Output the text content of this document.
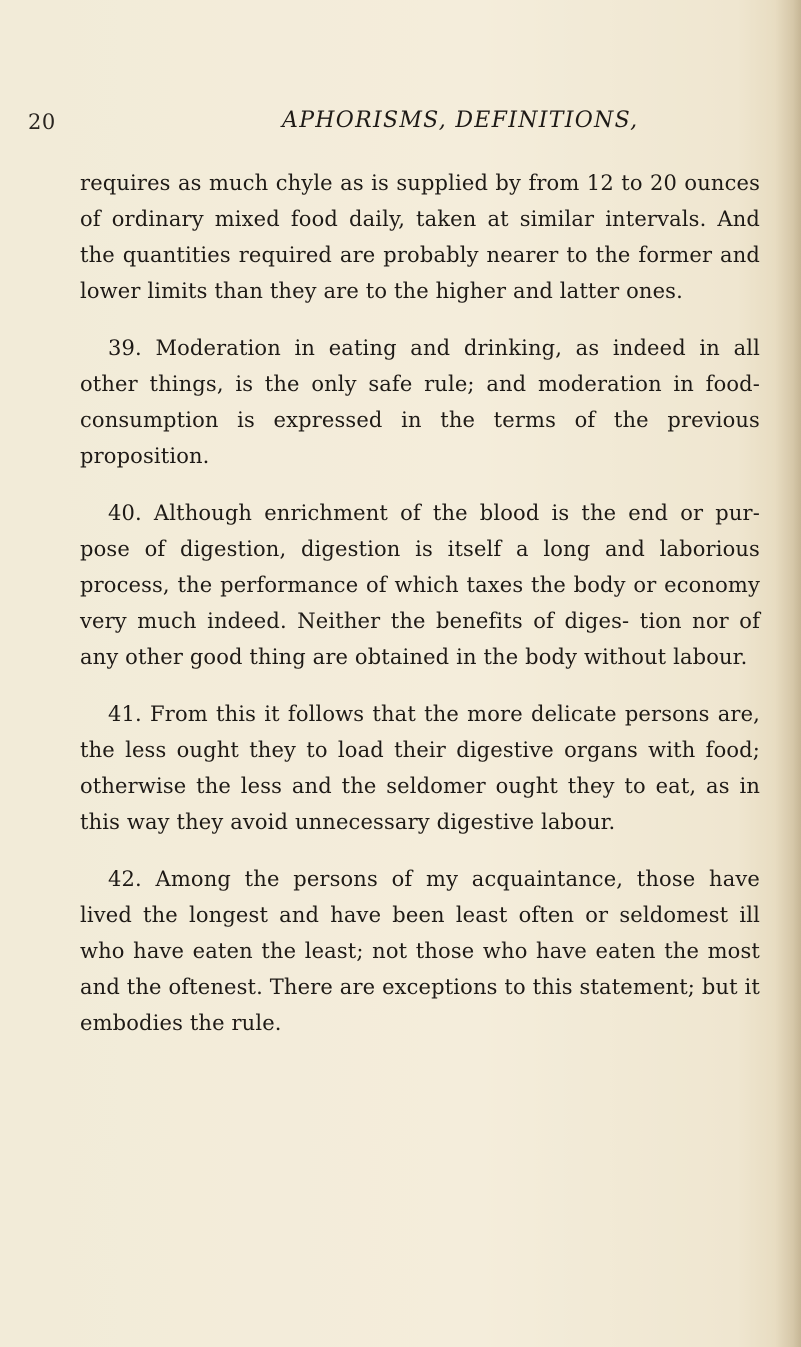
20	APHORISMS, DEFINITIONS,

requires as much chyle as is supplied by from 12 to 20 ounces of ordinary mixed food daily, taken at similar intervals. And the quantities required are probably nearer to the former and lower limits than they are to the higher and latter ones.

39. Moderation in eating and drinking, as indeed in all other things, is the only safe rule; and moderation in food-consumption is expressed in the terms of the previous proposition.

40. Although enrichment of the blood is the end or pur- pose of digestion, digestion is itself a long and laborious process, the performance of which taxes the body or economy very much indeed. Neither the benefits of diges- tion nor of any other good thing are obtained in the body without labour.

41. From this it follows that the more delicate persons are, the less ought they to load their digestive organs with food; otherwise the less and the seldomer ought they to eat, as in this way they avoid unnecessary digestive labour.

42. Among the persons of my acquaintance, those have lived the longest and have been least often or seldomest ill who have eaten the least; not those who have eaten the most and the oftenest. There are exceptions to this statement; but it embodies the rule.
